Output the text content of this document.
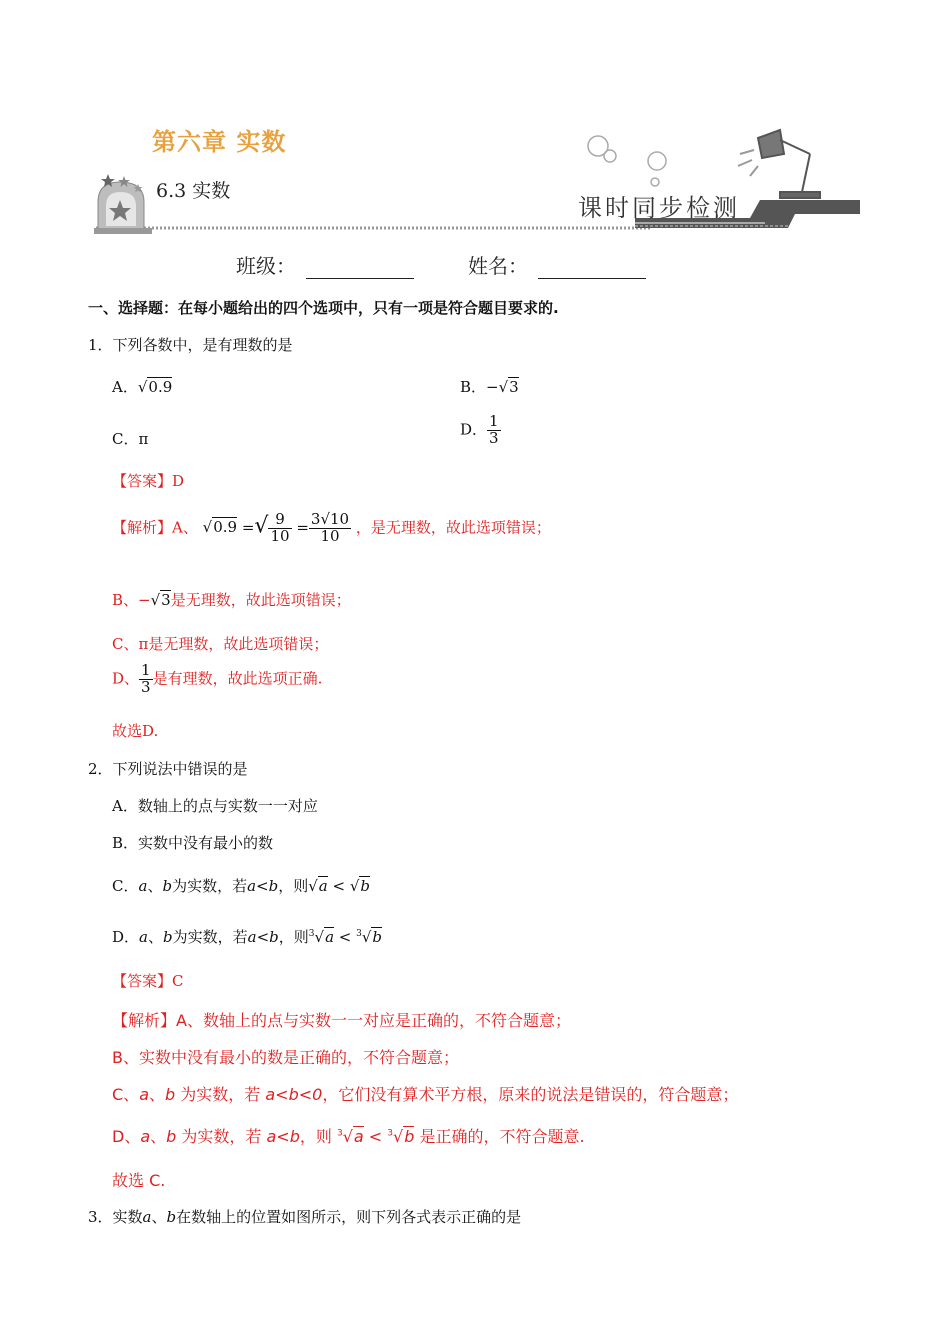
第六章 实数
6.3 实数
课时同步检测
班级：	姓名：
一、选择题：在每小题给出的四个选项中，只有一项是符合题目要求的.
1．下列各数中，是有理数的是
A．√0.9	B．−√3
C．π
D． $\frac{1}{3}$
【答案】D
【解析】A、 √0.9 =√ $\frac{9}{10} = \frac{3√10}{10}$ ，是无理数，故此选项错误；
B、−√3是无理数，故此选项错误；
C、π是无理数，故此选项错误；
D、 $\frac{1}{3}$ 是有理数，故此选项正确.
故选D.
2．下列说法中错误的是
A．数轴上的点与实数一一对应
B．实数中没有最小的数
C．a、b为实数，若a<b，则√a < √b
D．a、b为实数，若a<b，则$^3$√a < $^3$√b
【答案】C
【解析】A、数轴上的点与实数一一对应是正确的，不符合题意；
B、实数中没有最小的数是正确的，不符合题意；
C、a、b 为实数，若 a<b<0，它们没有算术平方根，原来的说法是错误的，符合题意；
D、a、b 为实数，若 a<b，则 $^3$√a < $^3$√b 是正确的，不符合题意.
故选 C.
3．实数a、b在数轴上的位置如图所示，则下列各式表示正确的是
